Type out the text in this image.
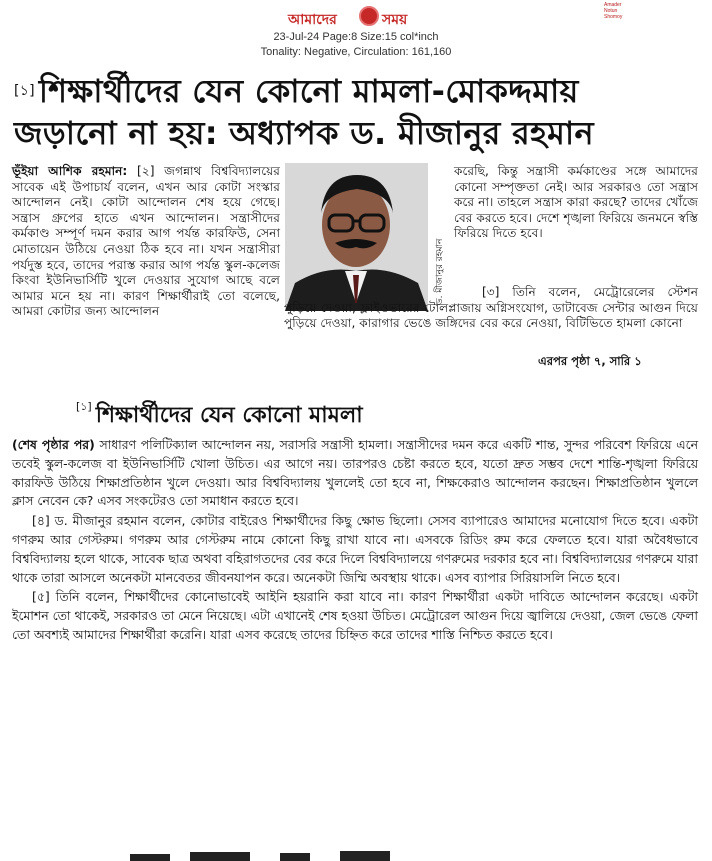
Amader Notun Shomoy
আমাদের	সময়
23-Jul-24 Page:8 Size:15 col*inch
Tonality: Negative, Circulation: 161,160
[১] শিক্ষার্থীদের যেন কোনো মামলা-মোকদ্দমায়
জড়ানো না হয়: অধ্যাপক ড. মীজানুর রহমান

ভূঁইয়া আশিক রহমান: [২] জগন্নাথ বিশ্ববিদ্যালয়ের সাবেক এই উপাচার্য বলেন, এখন আর কোটা সংস্কার আন্দোলন নেই। কোটা আন্দোলন শেষ হয়ে গেছে। সন্ত্রাস গ্রুপের হাতে এখন আন্দোলন। সন্ত্রাসীদের কর্মকাণ্ড সম্পূর্ণ দমন করার আগ পর্যন্ত কারফিউ, সেনা মোতায়েন উঠিয়ে নেওয়া ঠিক হবে না। যখন সন্ত্রাসীরা পর্যদুস্ত হবে, তাদের পরাস্ত করার আগ পর্যন্ত স্কুল-কলেজ কিংবা ইউনিভার্সিটি খুলে দেওয়ার সুযোগ আছে বলে আমার মনে হয় না। কারণ শিক্ষার্থীরাই তো বলেছে, আমরা কোটার জন্য আন্দোলন

ড. মীজানুর রহমান

করেছি, কিন্তু সন্ত্রাসী কর্মকাণ্ডের সঙ্গে আমাদের কোনো সম্পৃক্ততা নেই। আর সরকারও তো সন্ত্রাস করে না। তাহলে সন্ত্রাস কারা করছে? তাদের খোঁজে বের করতে হবে। দেশে শৃঙ্খলা ফিরিয়ে জনমনে স্বস্তি ফিরিয়ে দিতে হবে।

[৩] তিনি বলেন, মেট্রোরেলের স্টেশন পুড়িয়ে দেওয়া, ফ্লাইওভারের টোলপ্লাজায় অগ্নিসংযোগ, ডাটাবেজ সেন্টার আগুন দিয়ে পুড়িয়ে দেওয়া, কারাগার ভেঙে জঙ্গিদের বের করে নেওয়া, বিটিভিতে হামলা কোনো

এরপর পৃষ্ঠা ৭, সারি ১
[১] শিক্ষার্থীদের যেন কোনো মামলা

(শেষ পৃষ্ঠার পর) সাধারণ পলিটিক্যাল আন্দোলন নয়, সরাসরি সন্ত্রাসী হামলা। সন্ত্রাসীদের দমন করে একটি শান্ত, সুন্দর পরিবেশ ফিরিয়ে এনে তবেই স্কুল-কলেজ বা ইউনিভার্সিটি খোলা উচিত। এর আগে নয়। তারপরও চেষ্টা করতে হবে, যতো দ্রুত সম্ভব দেশে শান্তি-শৃঙ্খলা ফিরিয়ে কারফিউ উঠিয়ে শিক্ষাপ্রতিষ্ঠান খুলে দেওয়া। আর বিশ্ববিদ্যালয় খুললেই তো হবে না, শিক্ষকেরাও আন্দোলন করছেন। শিক্ষাপ্রতিষ্ঠান খুললে ক্লাস নেবেন কে? এসব সংকটেরও তো সমাধান করতে হবে।

[৪] ড. মীজানুর রহমান বলেন, কোটার বাইরেও শিক্ষার্থীদের কিছু ক্ষোভ ছিলো। সেসব ব্যাপারেও আমাদের মনোযোগ দিতে হবে। একটা গণরুম আর গেস্টরুম। গণরুম আর গেস্টরুম নামে কোনো কিছু রাখা যাবে না। এসবকে রিডিং রুম করে ফেলতে হবে। যারা অবৈধভাবে বিশ্ববিদ্যালয় হলে থাকে, সাবেক ছাত্র অথবা বহিরাগতদের বের করে দিলে বিশ্ববিদ্যালয়ে গণরুমের দরকার হবে না। বিশ্ববিদ্যালয়ের গণরুমে যারা থাকে তারা আসলে অনেকটা মানবেতর জীবনযাপন করে। অনেকটা জিম্মি অবস্থায় থাকে। এসব ব্যাপার সিরিয়াসলি নিতে হবে।

[৫] তিনি বলেন, শিক্ষার্থীদের কোনোভাবেই আইনি হয়রানি করা যাবে না। কারণ শিক্ষার্থীরা একটা দাবিতে আন্দোলন করেছে। একটা ইমোশন তো থাকেই, সরকারও তা মেনে নিয়েছে। এটা এখানেই শেষ হওয়া উচিত। মেট্রোরেল আগুন দিয়ে জ্বালিয়ে দেওয়া, জেল ভেঙে ফেলা তো অবশ্যই আমাদের শিক্ষার্থীরা করেনি। যারা এসব করেছে তাদের চিহ্নিত করে তাদের শাস্তি নিশ্চিত করতে হবে।
